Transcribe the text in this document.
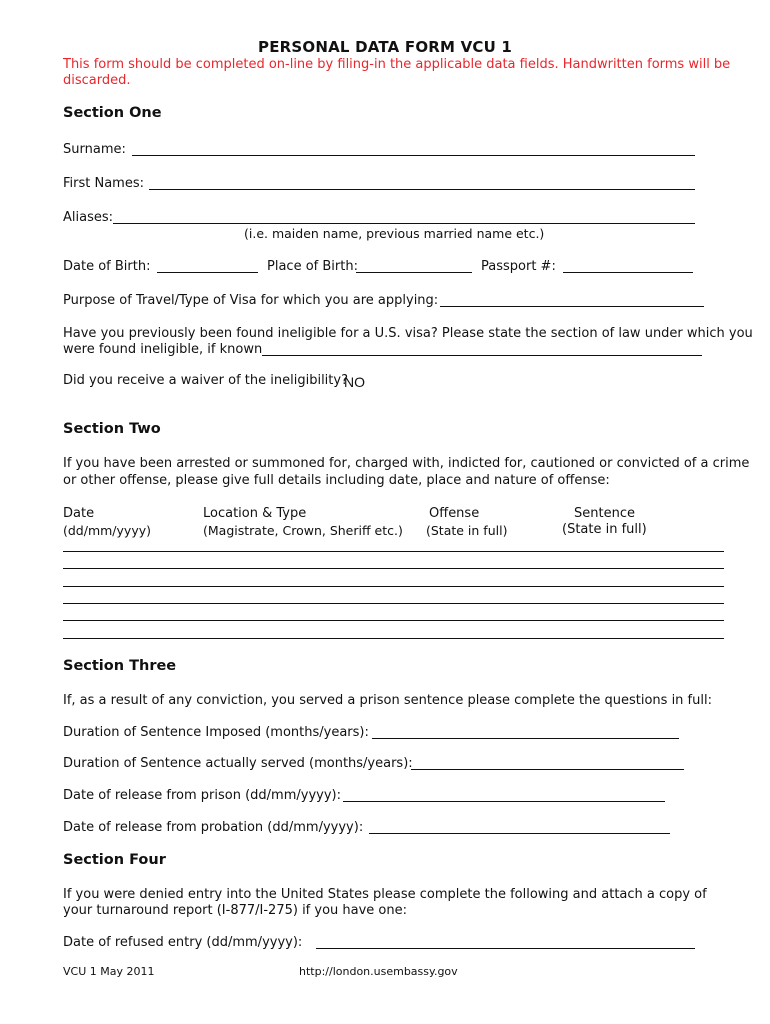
PERSONAL DATA FORM VCU 1
This form should be completed on-line by filing-in the applicable data fields. Handwritten forms will be discarded.
Section One
Surname:
First Names:
Aliases:
(i.e. maiden name, previous married name etc.)
Date of Birth:	Place of Birth:	Passport #:
Purpose of Travel/Type of Visa for which you are applying:
Have you previously been found ineligible for a U.S. visa? Please state the section of law under which you
were found ineligible, if known
Did you receive a waiver of the ineligibility?
NO
Section Two
If you have been arrested or summoned for, charged with, indicted for, cautioned or convicted of a crime
or other offense, please give full details including date, place and nature of offense:
Date
(dd/mm/yyyy)
Location & Type
(Magistrate, Crown, Sheriff etc.)
Offense
(State in full)
Sentence
(State in full)
Section Three
If, as a result of any conviction, you served a prison sentence please complete the questions in full:
Duration of Sentence Imposed (months/years):
Duration of Sentence actually served (months/years):
Date of release from prison (dd/mm/yyyy):
Date of release from probation (dd/mm/yyyy):
Section Four
If you were denied entry into the United States please complete the following and attach a copy of
your turnaround report (I-877/I-275) if you have one:
Date of refused entry (dd/mm/yyyy):
VCU 1 May 2011	http://london.usembassy.gov
